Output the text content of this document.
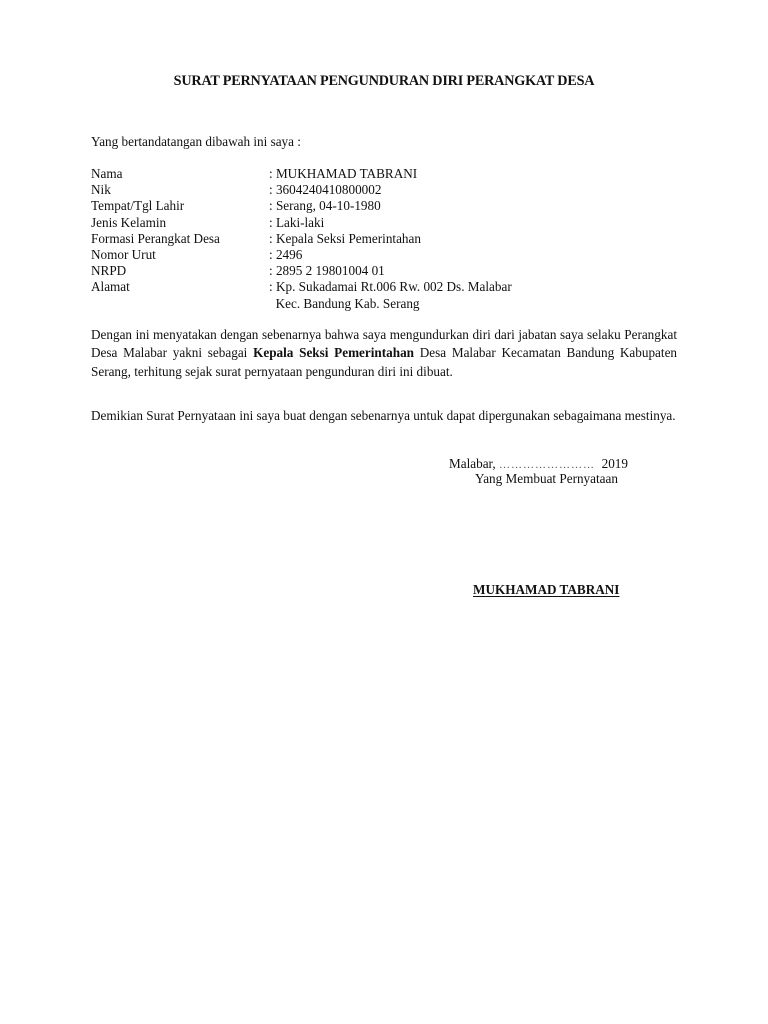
SURAT PERNYATAAN PENGUNDURAN DIRI PERANGKAT DESA
Yang bertandatangan dibawah ini saya :
Nama	: MUKHAMAD TABRANI
Nik	: 3604240410800002
Tempat/Tgl Lahir	: Serang, 04-10-1980
Jenis Kelamin	: Laki-laki
Formasi Perangkat Desa	: Kepala Seksi Pemerintahan
Nomor Urut	: 2496
NRPD	: 2895 2 19801004 01
Alamat	: Kp. Sukadamai Rt.006 Rw. 002 Ds. Malabar
Kec. Bandung Kab. Serang
Dengan ini menyatakan dengan sebenarnya bahwa saya mengundurkan diri dari jabatan saya selaku Perangkat Desa Malabar yakni sebagai Kepala Seksi Pemerintahan Desa Malabar Kecamatan Bandung Kabupaten Serang, terhitung sejak surat pernyataan pengunduran diri ini dibuat.
Demikian Surat Pernyataan ini saya buat dengan sebenarnya untuk dapat dipergunakan sebagaimana mestinya.
Malabar, …………………… 2019
Yang Membuat Pernyataan
MUKHAMAD TABRANI
